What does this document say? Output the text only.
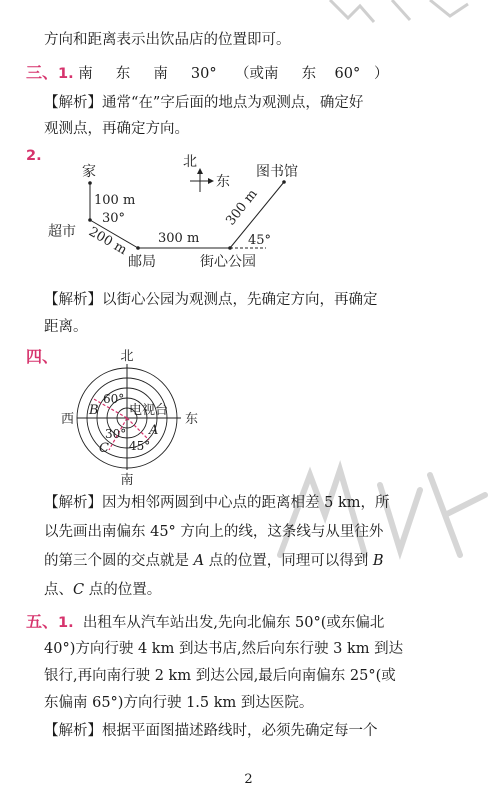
方向和距离表示出饮品店的位置即可。
三、1. 南 东 南 30° （或南 东 60° ）
【解析】通常“在”字后面的地点为观测点，确定好
观测点，再确定方向。
2.	北
东
家
100 m
30°
超市 200 m
邮局
300 m
街心公园
300 m
45°
图书馆
【解析】以街心公园为观测点，先确定方向，再确定
距离。
四、	北
西	东
南
电视台
B
60°
A
30°
C 45°
【解析】因为相邻两圆到中心点的距离相差 5 km，所
以先画出南偏东 45° 方向上的线，这条线与从里往外
的第三个圆的交点就是 A 点的位置，同理可以得到 B
点、C 点的位置。
五、1. 出租车从汽车站出发,先向北偏东 50°(或东偏北
40°)方向行驶 4 km 到达书店,然后向东行驶 3 km 到达
银行,再向南行驶 2 km 到达公园,最后向南偏东 25°(或
东偏南 65°)方向行驶 1.5 km 到达医院。
【解析】根据平面图描述路线时，必须先确定每一个
2
